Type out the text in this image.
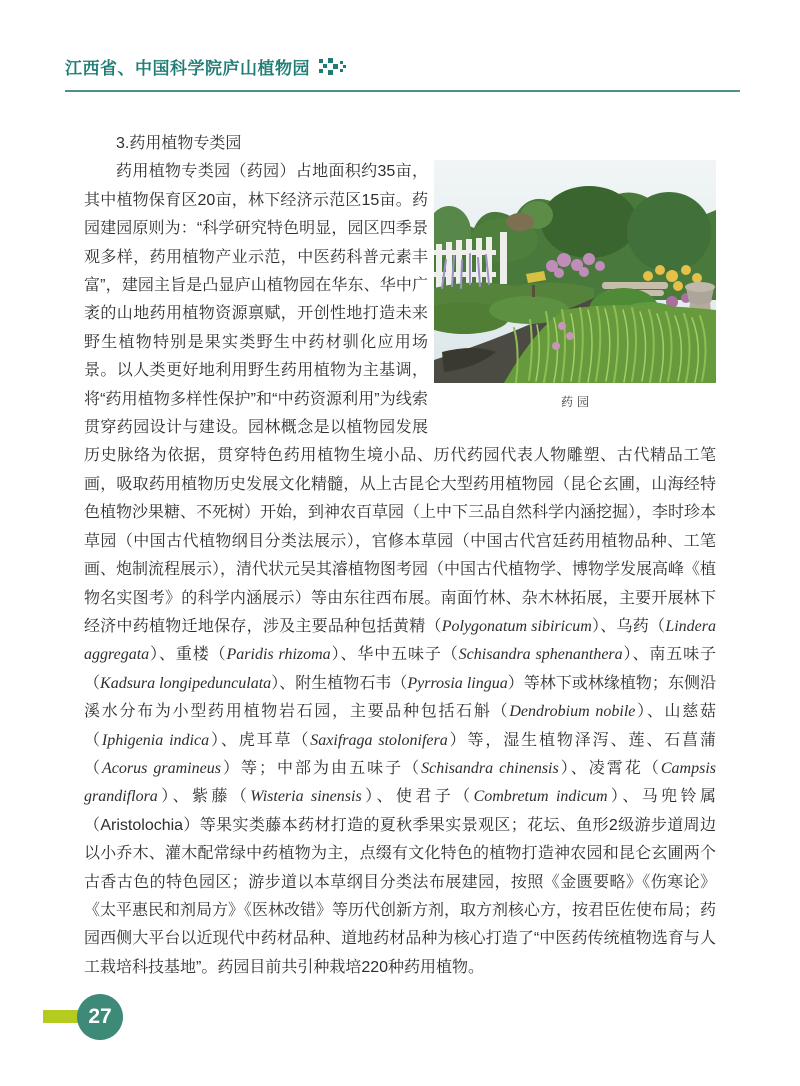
江西省、中国科学院庐山植物园
3.药用植物专类园
药园
药用植物专类园（药园）占地面积约35亩，其中植物保育区20亩，林下经济示范区15亩。药园建园原则为：“科学研究特色明显，园区四季景观多样，药用植物产业示范，中医药科普元素丰富”，建园主旨是凸显庐山植物园在华东、华中广袤的山地药用植物资源禀赋，开创性地打造未来野生植物特别是果实类野生中药材驯化应用场景。以人类更好地利用野生药用植物为主基调，将“药用植物多样性保护”和“中药资源利用”为线索贯穿药园设计与建设。园林概念是以植物园发展历史脉络为依据，贯穿特色药用植物生境小品、历代药园代表人物雕塑、古代精品工笔画，吸取药用植物历史发展文化精髓，从上古昆仑大型药用植物园（昆仑玄圃，山海经特色植物沙果糖、不死树）开始，到神农百草园（上中下三品自然科学内涵挖掘），李时珍本草园（中国古代植物纲目分类法展示），官修本草园（中国古代宫廷药用植物品种、工笔画、炮制流程展示），清代状元吴其濬植物图考园（中国古代植物学、博物学发展高峰《植物名实图考》的科学内涵展示）等由东往西布展。南面竹林、杂木林拓展，主要开展林下经济中药植物迁地保存，涉及主要品种包括黄精（Polygonatum sibiricum）、乌药（Lindera aggregata）、重楼（Paridis rhizoma）、华中五味子（Schisandra sphenanthera）、南五味子（Kadsura longipedunculata）、附生植物石韦（Pyrrosia lingua）等林下或林缘植物；东侧沿溪水分布为小型药用植物岩石园，主要品种包括石斛（Dendrobium nobile）、山慈菇（Iphigenia indica）、虎耳草（Saxifraga stolonifera）等，湿生植物泽泻、莲、石菖蒲（Acorus gramineus）等；中部为由五味子（Schisandra chinensis）、凌霄花（Campsis grandiflora）、紫藤（Wisteria sinensis）、使君子（Combretum indicum）、马兜铃属（Aristolochia）等果实类藤本药材打造的夏秋季果实景观区；花坛、鱼形2级游步道周边以小乔木、灌木配常绿中药植物为主，点缀有文化特色的植物打造神农园和昆仑玄圃两个古香古色的特色园区；游步道以本草纲目分类法布展建园，按照《金匮要略》《伤寒论》《太平惠民和剂局方》《医林改错》等历代创新方剂，取方剂核心方，按君臣佐使布局；药园西侧大平台以近现代中药材品种、道地药材品种为核心打造了“中医药传统植物选育与人工栽培科技基地”。药园目前共引种栽培220种药用植物。
27
